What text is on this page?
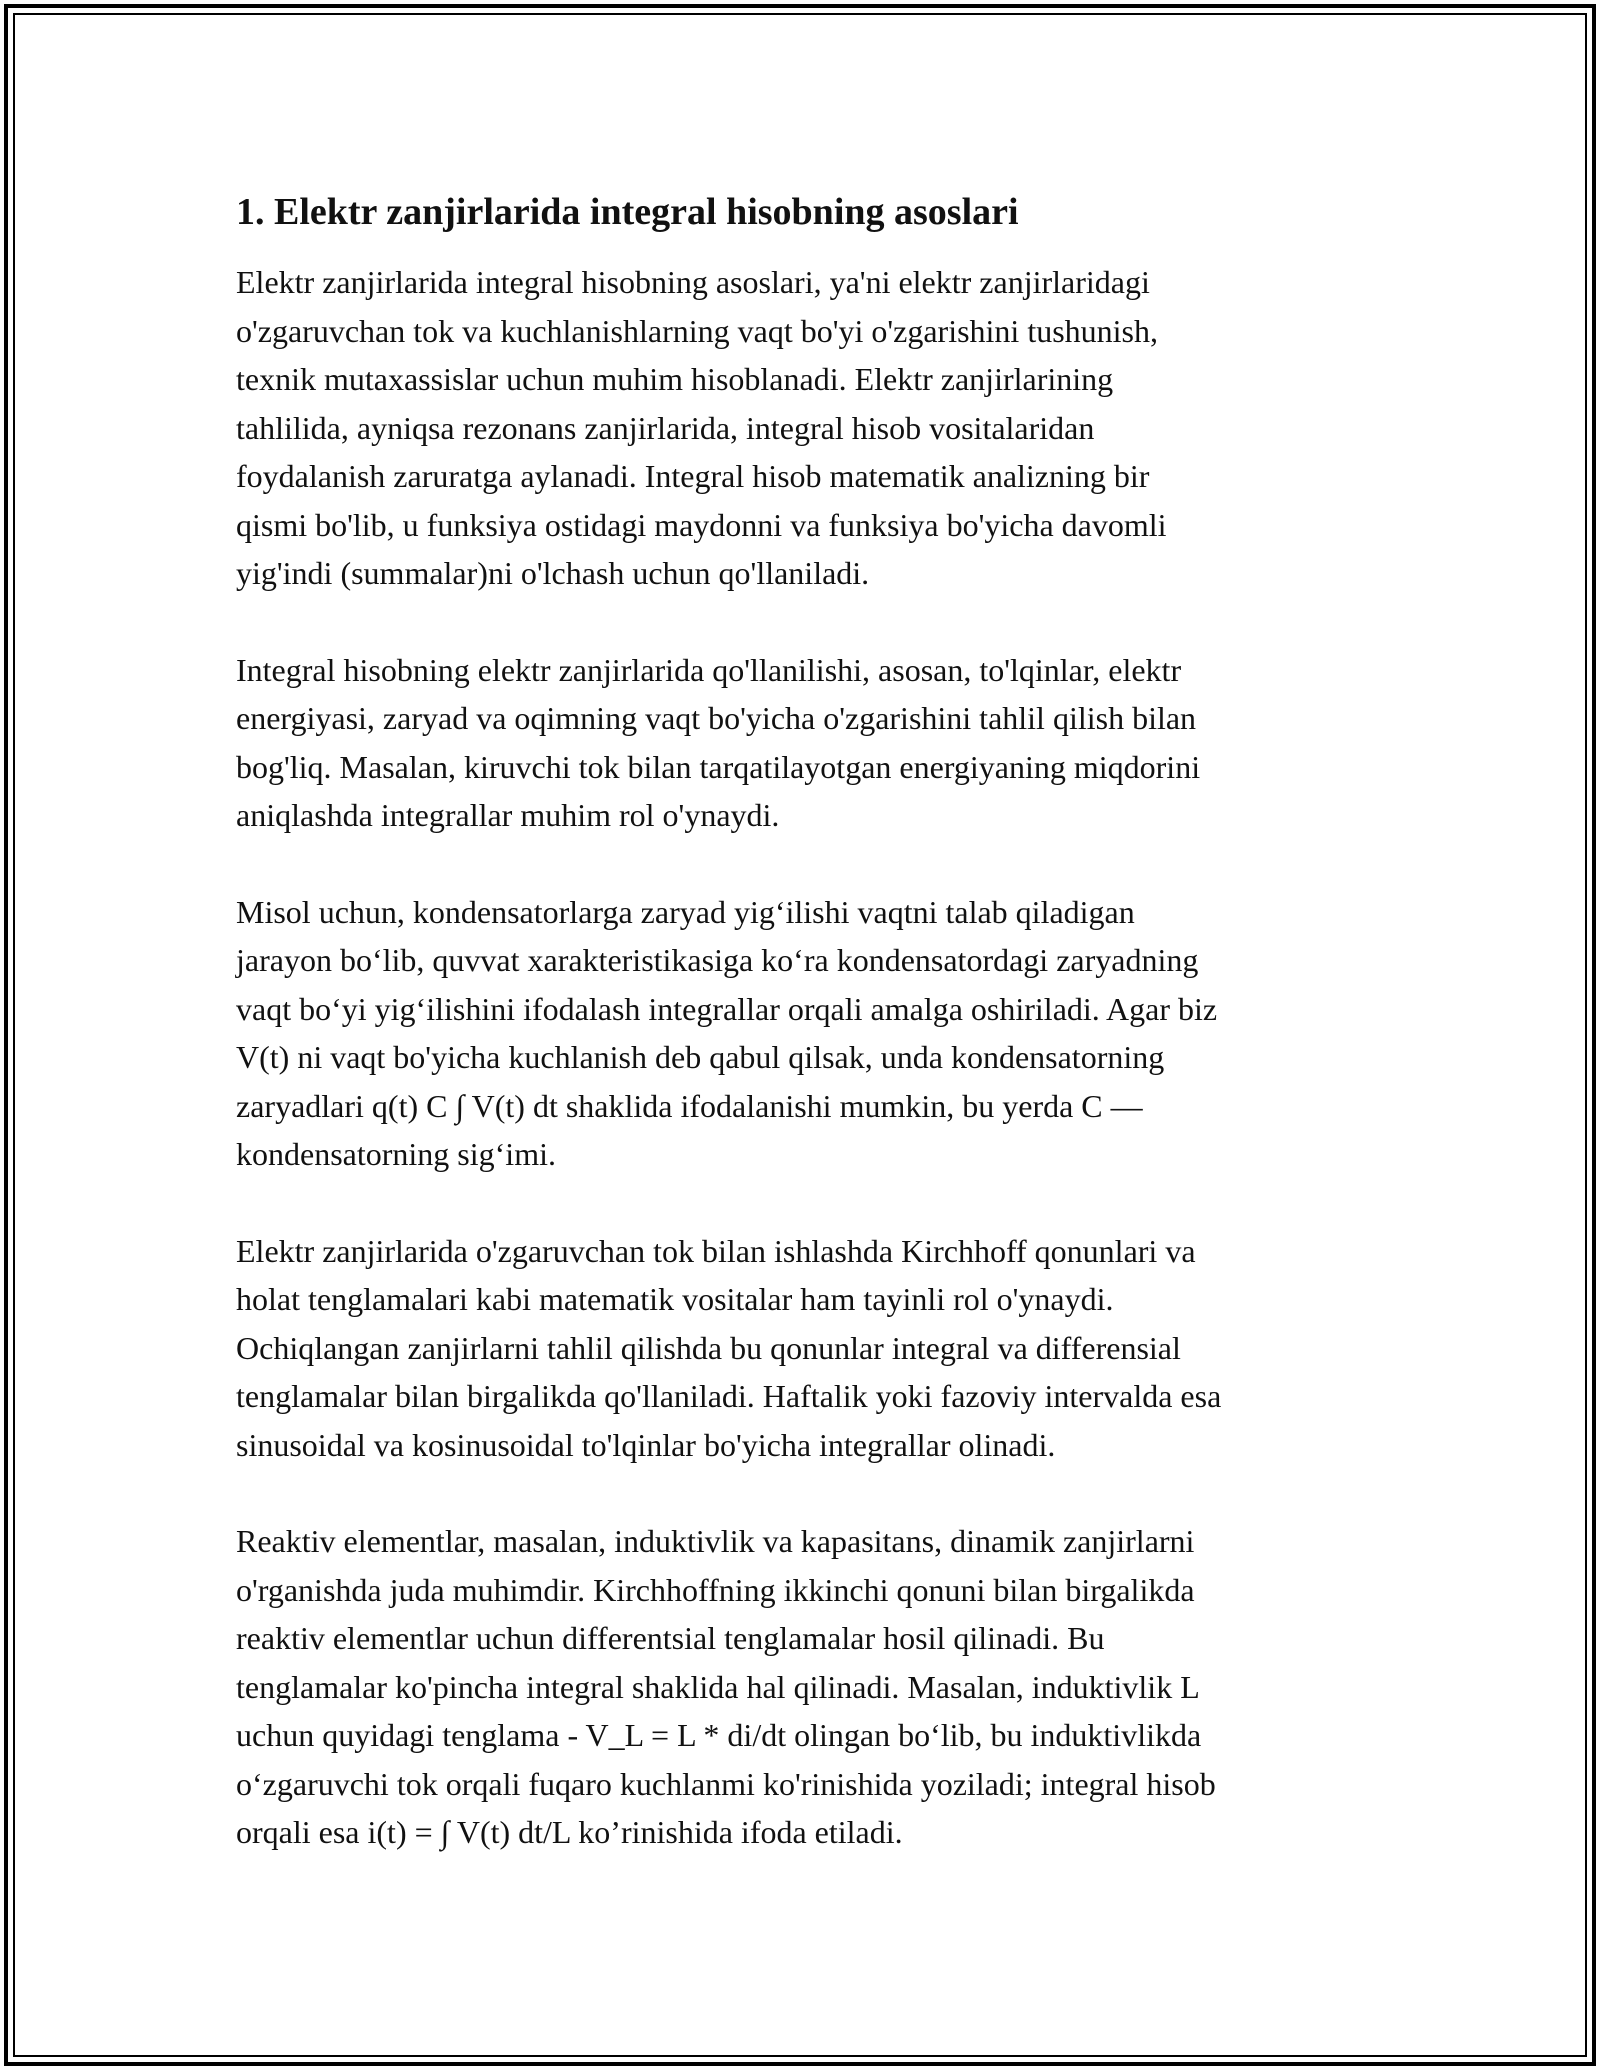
1. Elektr zanjirlarida integral hisobning asoslari

Elektr zanjirlarida integral hisobning asoslari, ya'ni elektr zanjirlaridagi
o'zgaruvchan tok va kuchlanishlarning vaqt bo'yi o'zgarishini tushunish,
texnik mutaxassislar uchun muhim hisoblanadi. Elektr zanjirlarining
tahlilida, ayniqsa rezonans zanjirlarida, integral hisob vositalaridan
foydalanish zaruratga aylanadi. Integral hisob matematik analizning bir
qismi bo'lib, u funksiya ostidagi maydonni va funksiya bo'yicha davomli
yig'indi (summalar)ni o'lchash uchun qo'llaniladi.

Integral hisobning elektr zanjirlarida qo'llanilishi, asosan, to'lqinlar, elektr
energiyasi, zaryad va oqimning vaqt bo'yicha o'zgarishini tahlil qilish bilan
bog'liq. Masalan, kiruvchi tok bilan tarqatilayotgan energiyaning miqdorini
aniqlashda integrallar muhim rol o'ynaydi.

Misol uchun, kondensatorlarga zaryad yig‘ilishi vaqtni talab qiladigan
jarayon bo‘lib, quvvat xarakteristikasiga ko‘ra kondensatordagi zaryadning
vaqt bo‘yi yig‘ilishini ifodalash integrallar orqali amalga oshiriladi. Agar biz
V(t) ni vaqt bo'yicha kuchlanish deb qabul qilsak, unda kondensatorning
zaryadlari q(t) C ∫ V(t) dt shaklida ifodalanishi mumkin, bu yerda C —
kondensatorning sig‘imi.

Elektr zanjirlarida o'zgaruvchan tok bilan ishlashda Kirchhoff qonunlari va
holat tenglamalari kabi matematik vositalar ham tayinli rol o'ynaydi.
Ochiqlangan zanjirlarni tahlil qilishda bu qonunlar integral va differensial
tenglamalar bilan birgalikda qo'llaniladi. Haftalik yoki fazoviy intervalda esa
sinusoidal va kosinusoidal to'lqinlar bo'yicha integrallar olinadi.

Reaktiv elementlar, masalan, induktivlik va kapasitans, dinamik zanjirlarni
o'rganishda juda muhimdir. Kirchhoffning ikkinchi qonuni bilan birgalikda
reaktiv elementlar uchun differentsial tenglamalar hosil qilinadi. Bu
tenglamalar ko'pincha integral shaklida hal qilinadi. Masalan, induktivlik L
uchun quyidagi tenglama - V_L = L * di/dt olingan bo‘lib, bu induktivlikda
o‘zgaruvchi tok orqali fuqaro kuchlanmi ko'rinishida yoziladi; integral hisob
orqali esa i(t) = ∫ V(t) dt/L ko’rinishida ifoda etiladi.
